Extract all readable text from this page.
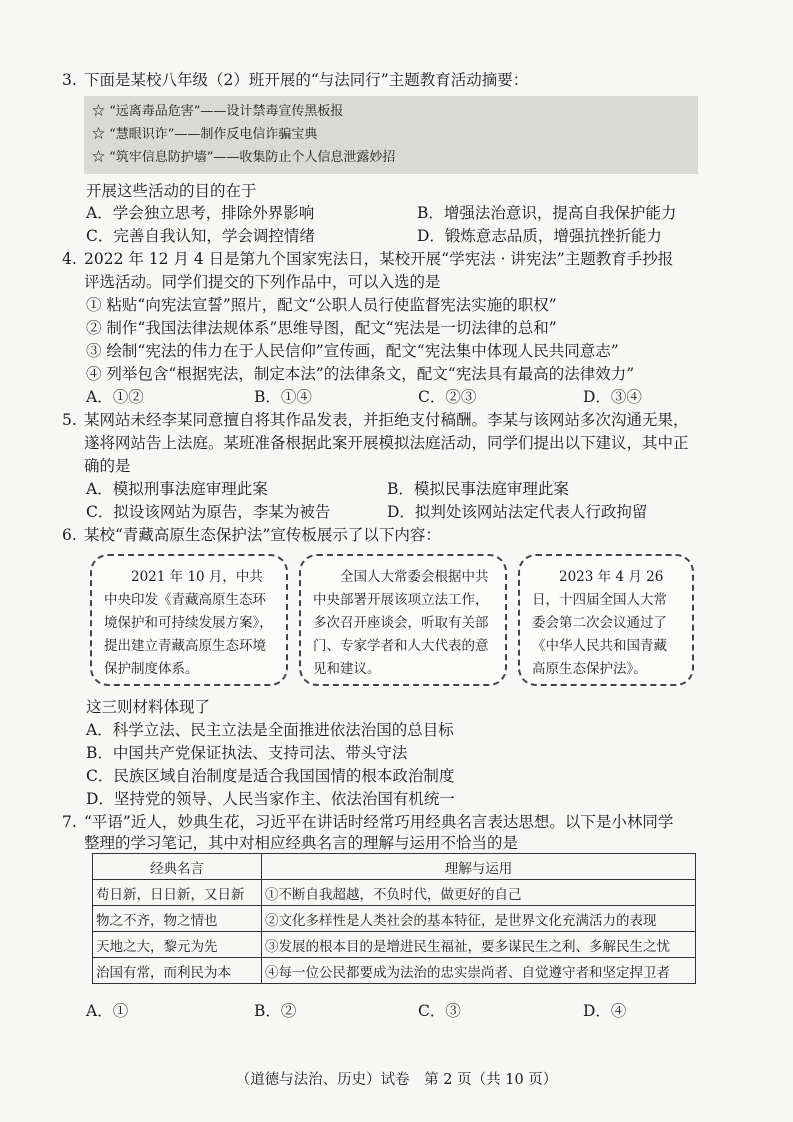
3. 下面是某校八年级（2）班开展的“与法同行”主题教育活动摘要：
☆ “远离毒品危害”——设计禁毒宣传黑板报
☆ “慧眼识诈”——制作反电信诈骗宝典
☆ “筑牢信息防护墙”——收集防止个人信息泄露妙招
开展这些活动的目的在于
A．学会独立思考，排除外界影响	B．增强法治意识，提高自我保护能力
C．完善自我认知，学会调控情绪	D．锻炼意志品质，增强抗挫折能力
4. 2022 年 12 月 4 日是第九个国家宪法日，某校开展“学宪法 · 讲宪法”主题教育手抄报
评选活动。同学们提交的下列作品中，可以入选的是
① 粘贴“向宪法宣誓”照片，配文“公职人员行使监督宪法实施的职权”
② 制作“我国法律法规体系”思维导图，配文“宪法是一切法律的总和”
③ 绘制“宪法的伟力在于人民信仰”宣传画，配文“宪法集中体现人民共同意志”
④ 列举包含“根据宪法，制定本法”的法律条文，配文“宪法具有最高的法律效力”
A．①②	B．①④	C．②③	D．③④
5. 某网站未经李某同意擅自将其作品发表，并拒绝支付稿酬。李某与该网站多次沟通无果，
遂将网站告上法庭。某班准备根据此案开展模拟法庭活动，同学们提出以下建议，其中正
确的是
A．模拟刑事法庭审理此案	B．模拟民事法庭审理此案
C．拟设该网站为原告，李某为被告	D．拟判处该网站法定代表人行政拘留
6. 某校“青藏高原生态保护法”宣传板展示了以下内容：
2021 年 10 月，中共中央印发《青藏高原生态环境保护和可持续发展方案》，提出建立青藏高原生态环境保护制度体系。
全国人大常委会根据中共中央部署开展该项立法工作，多次召开座谈会，听取有关部门、专家学者和人大代表的意见和建议。
2023 年 4 月 26 日，十四届全国人大常委会第二次会议通过了《中华人民共和国青藏高原生态保护法》。
这三则材料体现了
A．科学立法、民主立法是全面推进依法治国的总目标
B．中国共产党保证执法、支持司法、带头守法
C．民族区域自治制度是适合我国国情的根本政治制度
D．坚持党的领导、人民当家作主、依法治国有机统一
7. “平语”近人，妙典生花，习近平在讲话时经常巧用经典名言表达思想。以下是小林同学
整理的学习笔记，其中对相应经典名言的理解与运用不恰当的是
经典名言	理解与运用
苟日新，日日新，又日新	①不断自我超越，不负时代，做更好的自己
物之不齐，物之情也	②文化多样性是人类社会的基本特征，是世界文化充满活力的表现
天地之大，黎元为先	③发展的根本目的是增进民生福祉，要多谋民生之利、多解民生之忧
治国有常，而利民为本	④每一位公民都要成为法治的忠实崇尚者、自觉遵守者和坚定捍卫者
A．①	B．②	C．③	D．④
（道德与法治、历史）试卷　第 2 页（共 10 页）
